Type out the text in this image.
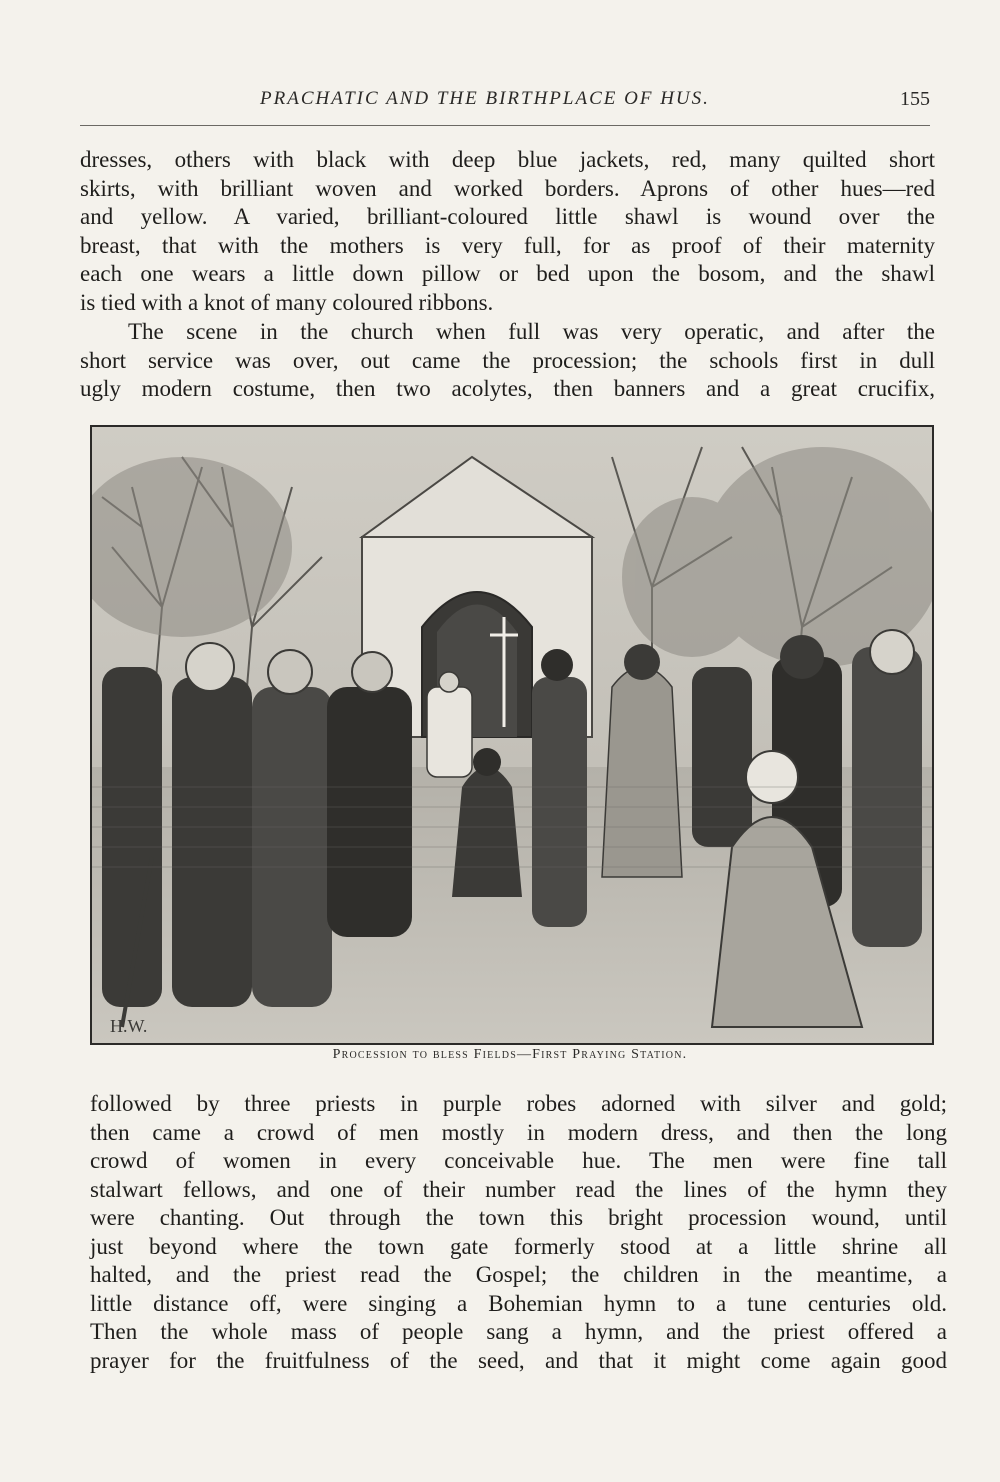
PRACHATIC AND THE BIRTHPLACE OF HUS.	155
dresses, others with black with deep blue jackets, red, many quilted short
skirts, with brilliant woven and worked borders. Aprons of other hues—red
and yellow. A varied, brilliant-coloured little shawl is wound over the
breast, that with the mothers is very full, for as proof of their maternity
each one wears a little down pillow or bed upon the bosom, and the shawl
is tied with a knot of many coloured ribbons.
The scene in the church when full was very operatic, and after the
short service was over, out came the procession; the schools first in dull
ugly modern costume, then two acolytes, then banners and a great crucifix,
H.W.
Procession to bless Fields—First Praying Station.
followed by three priests in purple robes adorned with silver and gold;
then came a crowd of men mostly in modern dress, and then the long
crowd of women in every conceivable hue. The men were fine tall
stalwart fellows, and one of their number read the lines of the hymn they
were chanting. Out through the town this bright procession wound, until
just beyond where the town gate formerly stood at a little shrine all
halted, and the priest read the Gospel; the children in the meantime, a
little distance off, were singing a Bohemian hymn to a tune centuries old.
Then the whole mass of people sang a hymn, and the priest offered a
prayer for the fruitfulness of the seed, and that it might come again good
